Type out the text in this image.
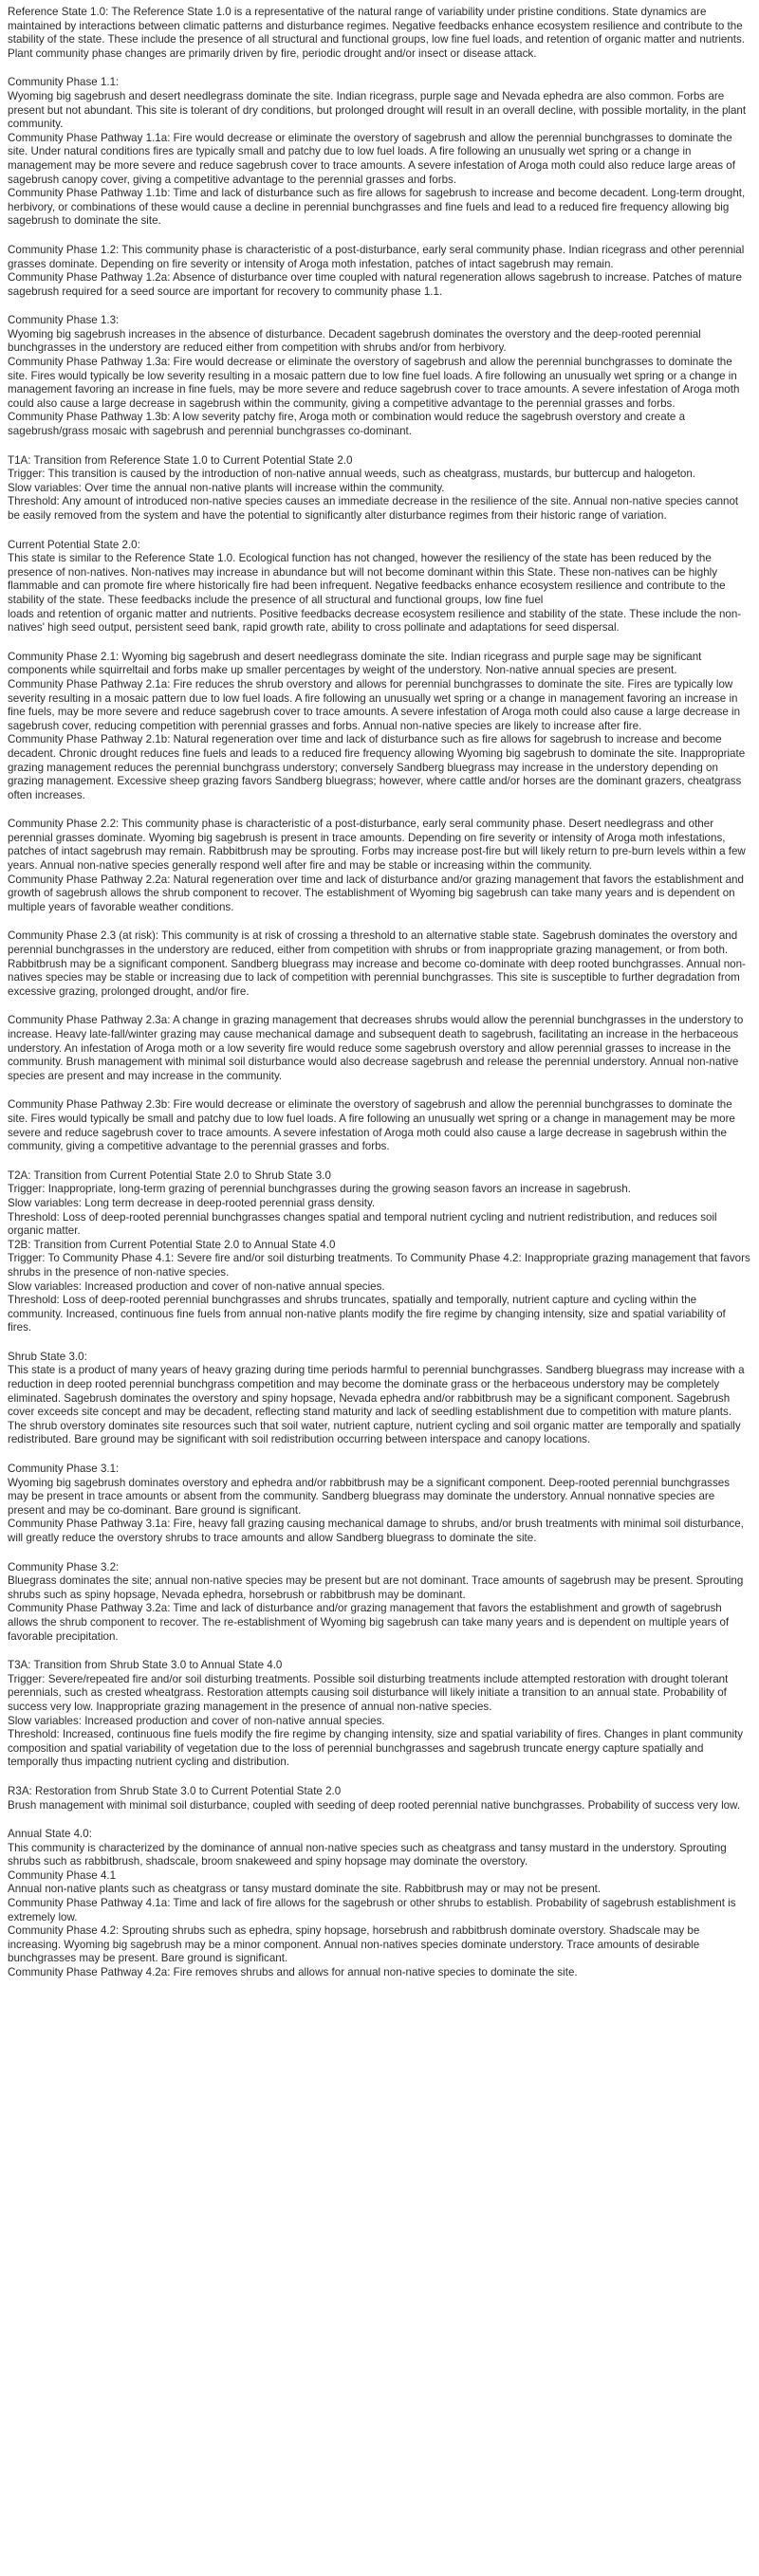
Reference State 1.0: The Reference State 1.0 is a representative of the natural range of variability under pristine conditions. State dynamics are maintained by interactions between climatic patterns and disturbance regimes. Negative feedbacks enhance ecosystem resilience and contribute to the stability of the state. These include the presence of all structural and functional groups, low fine fuel loads, and retention of organic matter and nutrients. Plant community phase changes are primarily driven by fire, periodic drought and/or insect or disease attack.

Community Phase 1.1:

Wyoming big sagebrush and desert needlegrass dominate the site. Indian ricegrass, purple sage and Nevada ephedra are also common. Forbs are present but not abundant. This site is tolerant of dry conditions, but prolonged drought will result in an overall decline, with possible mortality, in the plant community.

Community Phase Pathway 1.1a: Fire would decrease or eliminate the overstory of sagebrush and allow the perennial bunchgrasses to dominate the site. Under natural conditions fires are typically small and patchy due to low fuel loads. A fire following an unusually wet spring or a change in management may be more severe and reduce sagebrush cover to trace amounts. A severe infestation of Aroga moth could also reduce large areas of sagebrush canopy cover, giving a competitive advantage to the perennial grasses and forbs.

Community Phase Pathway 1.1b: Time and lack of disturbance such as fire allows for sagebrush to increase and become decadent. Long-term drought, herbivory, or combinations of these would cause a decline in perennial bunchgrasses and fine fuels and lead to a reduced fire frequency allowing big sagebrush to dominate the site.

Community Phase 1.2: This community phase is characteristic of a post-disturbance, early seral community phase. Indian ricegrass and other perennial grasses dominate. Depending on fire severity or intensity of Aroga moth infestation, patches of intact sagebrush may remain.

Community Phase Pathway 1.2a: Absence of disturbance over time coupled with natural regeneration allows sagebrush to increase. Patches of mature sagebrush required for a seed source are important for recovery to community phase 1.1.

Community Phase 1.3:

Wyoming big sagebrush increases in the absence of disturbance. Decadent sagebrush dominates the overstory and the deep-rooted perennial bunchgrasses in the understory are reduced either from competition with shrubs and/or from herbivory.

Community Phase Pathway 1.3a: Fire would decrease or eliminate the overstory of sagebrush and allow the perennial bunchgrasses to dominate the site. Fires would typically be low severity resulting in a mosaic pattern due to low fine fuel loads. A fire following an unusually wet spring or a change in management favoring an increase in fine fuels, may be more severe and reduce sagebrush cover to trace amounts. A severe infestation of Aroga moth could also cause a large decrease in sagebrush within the community, giving a competitive advantage to the perennial grasses and forbs.

Community Phase Pathway 1.3b: A low severity patchy fire, Aroga moth or combination would reduce the sagebrush overstory and create a sagebrush/grass mosaic with sagebrush and perennial bunchgrasses co-dominant.

T1A: Transition from Reference State 1.0 to Current Potential State 2.0

Trigger: This transition is caused by the introduction of non-native annual weeds, such as cheatgrass, mustards, bur buttercup and halogeton.

Slow variables: Over time the annual non-native plants will increase within the community.

Threshold: Any amount of introduced non-native species causes an immediate decrease in the resilience of the site. Annual non-native species cannot be easily removed from the system and have the potential to significantly alter disturbance regimes from their historic range of variation.

Current Potential State 2.0:

This state is similar to the Reference State 1.0. Ecological function has not changed, however the resiliency of the state has been reduced by the presence of non-natives. Non-natives may increase in abundance but will not become dominant within this State. These non-natives can be highly flammable and can promote fire where historically fire had been infrequent. Negative feedbacks enhance ecosystem resilience and contribute to the stability of the state. These feedbacks include the presence of all structural and functional groups, low fine fuel

loads and retention of organic matter and nutrients. Positive feedbacks decrease ecosystem resilience and stability of the state. These include the non-natives' high seed output, persistent seed bank, rapid growth rate, ability to cross pollinate and adaptations for seed dispersal.

Community Phase 2.1: Wyoming big sagebrush and desert needlegrass dominate the site. Indian ricegrass and purple sage may be significant components while squirreltail and forbs make up smaller percentages by weight of the understory. Non-native annual species are present.

Community Phase Pathway 2.1a: Fire reduces the shrub overstory and allows for perennial bunchgrasses to dominate the site. Fires are typically low severity resulting in a mosaic pattern due to low fuel loads. A fire following an unusually wet spring or a change in management favoring an increase in fine fuels, may be more severe and reduce sagebrush cover to trace amounts. A severe infestation of Aroga moth could also cause a large decrease in sagebrush cover, reducing competition with perennial grasses and forbs. Annual non-native species are likely to increase after fire.

Community Phase Pathway 2.1b: Natural regeneration over time and lack of disturbance such as fire allows for sagebrush to increase and become decadent. Chronic drought reduces fine fuels and leads to a reduced fire frequency allowing Wyoming big sagebrush to dominate the site. Inappropriate grazing management reduces the perennial bunchgrass understory; conversely Sandberg bluegrass may increase in the understory depending on grazing management. Excessive sheep grazing favors Sandberg bluegrass; however, where cattle and/or horses are the dominant grazers, cheatgrass often increases.

Community Phase 2.2: This community phase is characteristic of a post-disturbance, early seral community phase. Desert needlegrass and other perennial grasses dominate. Wyoming big sagebrush is present in trace amounts. Depending on fire severity or intensity of Aroga moth infestations, patches of intact sagebrush may remain. Rabbitbrush may be sprouting. Forbs may increase post-fire but will likely return to pre-burn levels within a few years. Annual non-native species generally respond well after fire and may be stable or increasing within the community.

Community Phase Pathway 2.2a: Natural regeneration over time and lack of disturbance and/or grazing management that favors the establishment and growth of sagebrush allows the shrub component to recover. The establishment of Wyoming big sagebrush can take many years and is dependent on multiple years of favorable weather conditions.

Community Phase 2.3 (at risk): This community is at risk of crossing a threshold to an alternative stable state. Sagebrush dominates the overstory and perennial bunchgrasses in the understory are reduced, either from competition with shrubs or from inappropriate grazing management, or from both. Rabbitbrush may be a significant component. Sandberg bluegrass may increase and become co-dominate with deep rooted bunchgrasses. Annual non-natives species may be stable or increasing due to lack of competition with perennial bunchgrasses. This site is susceptible to further degradation from excessive grazing, prolonged drought, and/or fire.

Community Phase Pathway 2.3a: A change in grazing management that decreases shrubs would allow the perennial bunchgrasses in the understory to increase. Heavy late-fall/winter grazing may cause mechanical damage and subsequent death to sagebrush, facilitating an increase in the herbaceous understory. An infestation of Aroga moth or a low severity fire would reduce some sagebrush overstory and allow perennial grasses to increase in the community. Brush management with minimal soil disturbance would also decrease sagebrush and release the perennial understory. Annual non-native species are present and may increase in the community.

Community Phase Pathway 2.3b: Fire would decrease or eliminate the overstory of sagebrush and allow the perennial bunchgrasses to dominate the site. Fires would typically be small and patchy due to low fuel loads. A fire following an unusually wet spring or a change in management may be more severe and reduce sagebrush cover to trace amounts. A severe infestation of Aroga moth could also cause a large decrease in sagebrush within the community, giving a competitive advantage to the perennial grasses and forbs.

T2A: Transition from Current Potential State 2.0 to Shrub State 3.0

Trigger: Inappropriate, long-term grazing of perennial bunchgrasses during the growing season favors an increase in sagebrush.

Slow variables: Long term decrease in deep-rooted perennial grass density.

Threshold: Loss of deep-rooted perennial bunchgrasses changes spatial and temporal nutrient cycling and nutrient redistribution, and reduces soil organic matter.

T2B: Transition from Current Potential State 2.0 to Annual State 4.0

Trigger: To Community Phase 4.1: Severe fire and/or soil disturbing treatments. To Community Phase 4.2: Inappropriate grazing management that favors shrubs in the presence of non-native species.

Slow variables: Increased production and cover of non-native annual species.

Threshold: Loss of deep-rooted perennial bunchgrasses and shrubs truncates, spatially and temporally, nutrient capture and cycling within the community. Increased, continuous fine fuels from annual non-native plants modify the fire regime by changing intensity, size and spatial variability of fires.

Shrub State 3.0:

This state is a product of many years of heavy grazing during time periods harmful to perennial bunchgrasses. Sandberg bluegrass may increase with a reduction in deep rooted perennial bunchgrass competition and may become the dominate grass or the herbaceous understory may be completely eliminated. Sagebrush dominates the overstory and spiny hopsage, Nevada ephedra and/or rabbitbrush may be a significant component. Sagebrush cover exceeds site concept and may be decadent, reflecting stand maturity and lack of seedling establishment due to competition with mature plants. The shrub overstory dominates site resources such that soil water, nutrient capture, nutrient cycling and soil organic matter are temporally and spatially redistributed. Bare ground may be significant with soil redistribution occurring between interspace and canopy locations.

Community Phase 3.1:

Wyoming big sagebrush dominates overstory and ephedra and/or rabbitbrush may be a significant component. Deep-rooted perennial bunchgrasses may be present in trace amounts or absent from the community. Sandberg bluegrass may dominate the understory. Annual nonnative species are present and may be co-dominant. Bare ground is significant.

Community Phase Pathway 3.1a: Fire, heavy fall grazing causing mechanical damage to shrubs, and/or brush treatments with minimal soil disturbance, will greatly reduce the overstory shrubs to trace amounts and allow Sandberg bluegrass to dominate the site.

Community Phase 3.2:

Bluegrass dominates the site; annual non-native species may be present but are not dominant. Trace amounts of sagebrush may be present. Sprouting shrubs such as spiny hopsage, Nevada ephedra, horsebrush or rabbitbrush may be dominant.

Community Phase Pathway 3.2a: Time and lack of disturbance and/or grazing management that favors the establishment and growth of sagebrush allows the shrub component to recover. The re-establishment of Wyoming big sagebrush can take many years and is dependent on multiple years of favorable precipitation.

T3A: Transition from Shrub State 3.0 to Annual State 4.0

Trigger: Severe/repeated fire and/or soil disturbing treatments. Possible soil disturbing treatments include attempted restoration with drought tolerant perennials, such as crested wheatgrass. Restoration attempts causing soil disturbance will likely initiate a transition to an annual state. Probability of success very low. Inappropriate grazing management in the presence of annual non-native species.

Slow variables: Increased production and cover of non-native annual species.

Threshold: Increased, continuous fine fuels modify the fire regime by changing intensity, size and spatial variability of fires. Changes in plant community composition and spatial variability of vegetation due to the loss of perennial bunchgrasses and sagebrush truncate energy capture spatially and temporally thus impacting nutrient cycling and distribution.

R3A: Restoration from Shrub State 3.0 to Current Potential State 2.0

Brush management with minimal soil disturbance, coupled with seeding of deep rooted perennial native bunchgrasses. Probability of success very low.

Annual State 4.0:

This community is characterized by the dominance of annual non-native species such as cheatgrass and tansy mustard in the understory. Sprouting shrubs such as rabbitbrush, shadscale, broom snakeweed and spiny hopsage may dominate the overstory.

Community Phase 4.1

Annual non-native plants such as cheatgrass or tansy mustard dominate the site. Rabbitbrush may or may not be present.

Community Phase Pathway 4.1a: Time and lack of fire allows for the sagebrush or other shrubs to establish. Probability of sagebrush establishment is extremely low.

Community Phase 4.2: Sprouting shrubs such as ephedra, spiny hopsage, horsebrush and rabbitbrush dominate overstory. Shadscale may be increasing. Wyoming big sagebrush may be a minor component. Annual non-natives species dominate understory. Trace amounts of desirable bunchgrasses may be present. Bare ground is significant.

Community Phase Pathway 4.2a: Fire removes shrubs and allows for annual non-native species to dominate the site.
